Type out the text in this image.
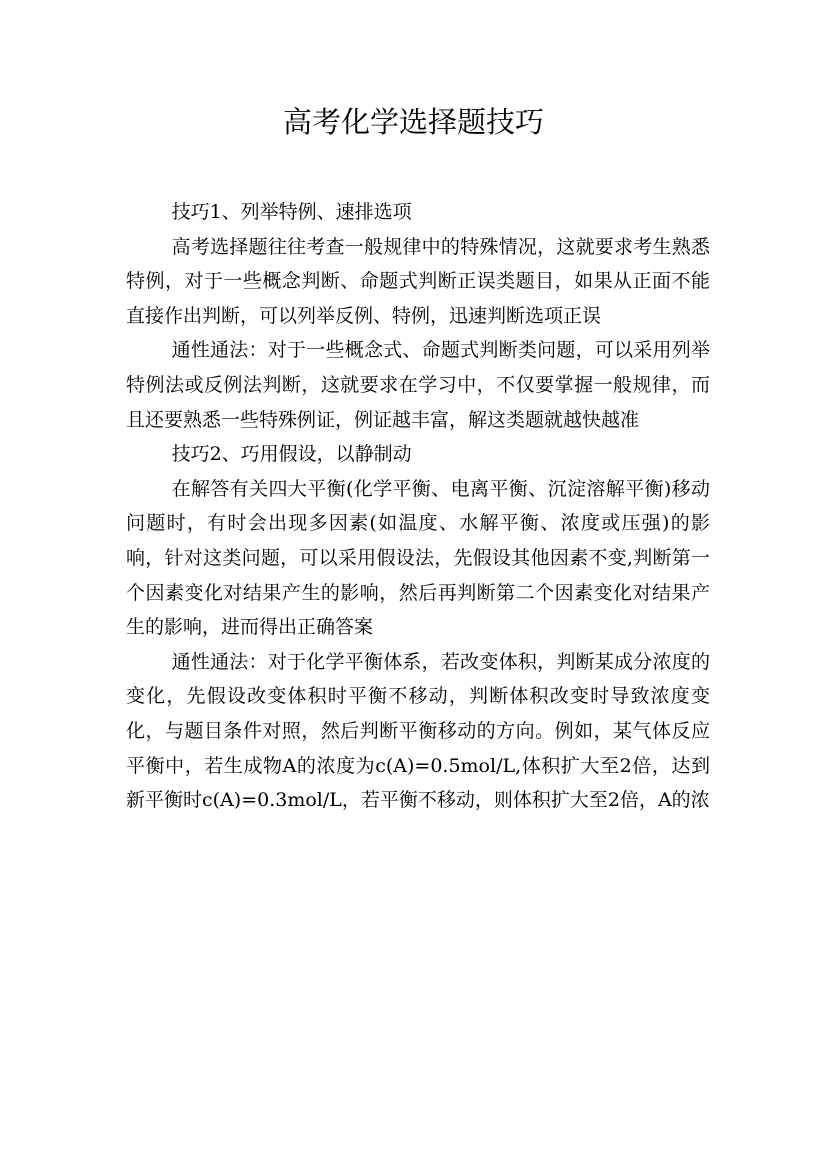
高考化学选择题技巧

技巧1、列举特例、速排选项

高考选择题往往考查一般规律中的特殊情况，这就要求考生熟悉特例，对于一些概念判断、命题式判断正误类题目，如果从正面不能直接作出判断，可以列举反例、特例，迅速判断选项正误

通性通法：对于一些概念式、命题式判断类问题，可以采用列举特例法或反例法判断，这就要求在学习中，不仅要掌握一般规律，而且还要熟悉一些特殊例证，例证越丰富，解这类题就越快越准

技巧2、巧用假设，以静制动

在解答有关四大平衡(化学平衡、电离平衡、沉淀溶解平衡)移动问题时，有时会出现多因素(如温度、水解平衡、浓度或压强)的影响，针对这类问题，可以采用假设法，先假设其他因素不变,判断第一个因素变化对结果产生的影响，然后再判断第二个因素变化对结果产生的影响，进而得出正确答案

通性通法：对于化学平衡体系，若改变体积，判断某成分浓度的变化，先假设改变体积时平衡不移动，判断体积改变时导致浓度变化，与题目条件对照，然后判断平衡移动的方向。例如，某气体反应平衡中，若生成物A的浓度为c(A)=0.5mol/L,体积扩大至2倍，达到新平衡时c(A)=0.3mol/L，若平衡不移动，则体积扩大至2倍，A的浓
